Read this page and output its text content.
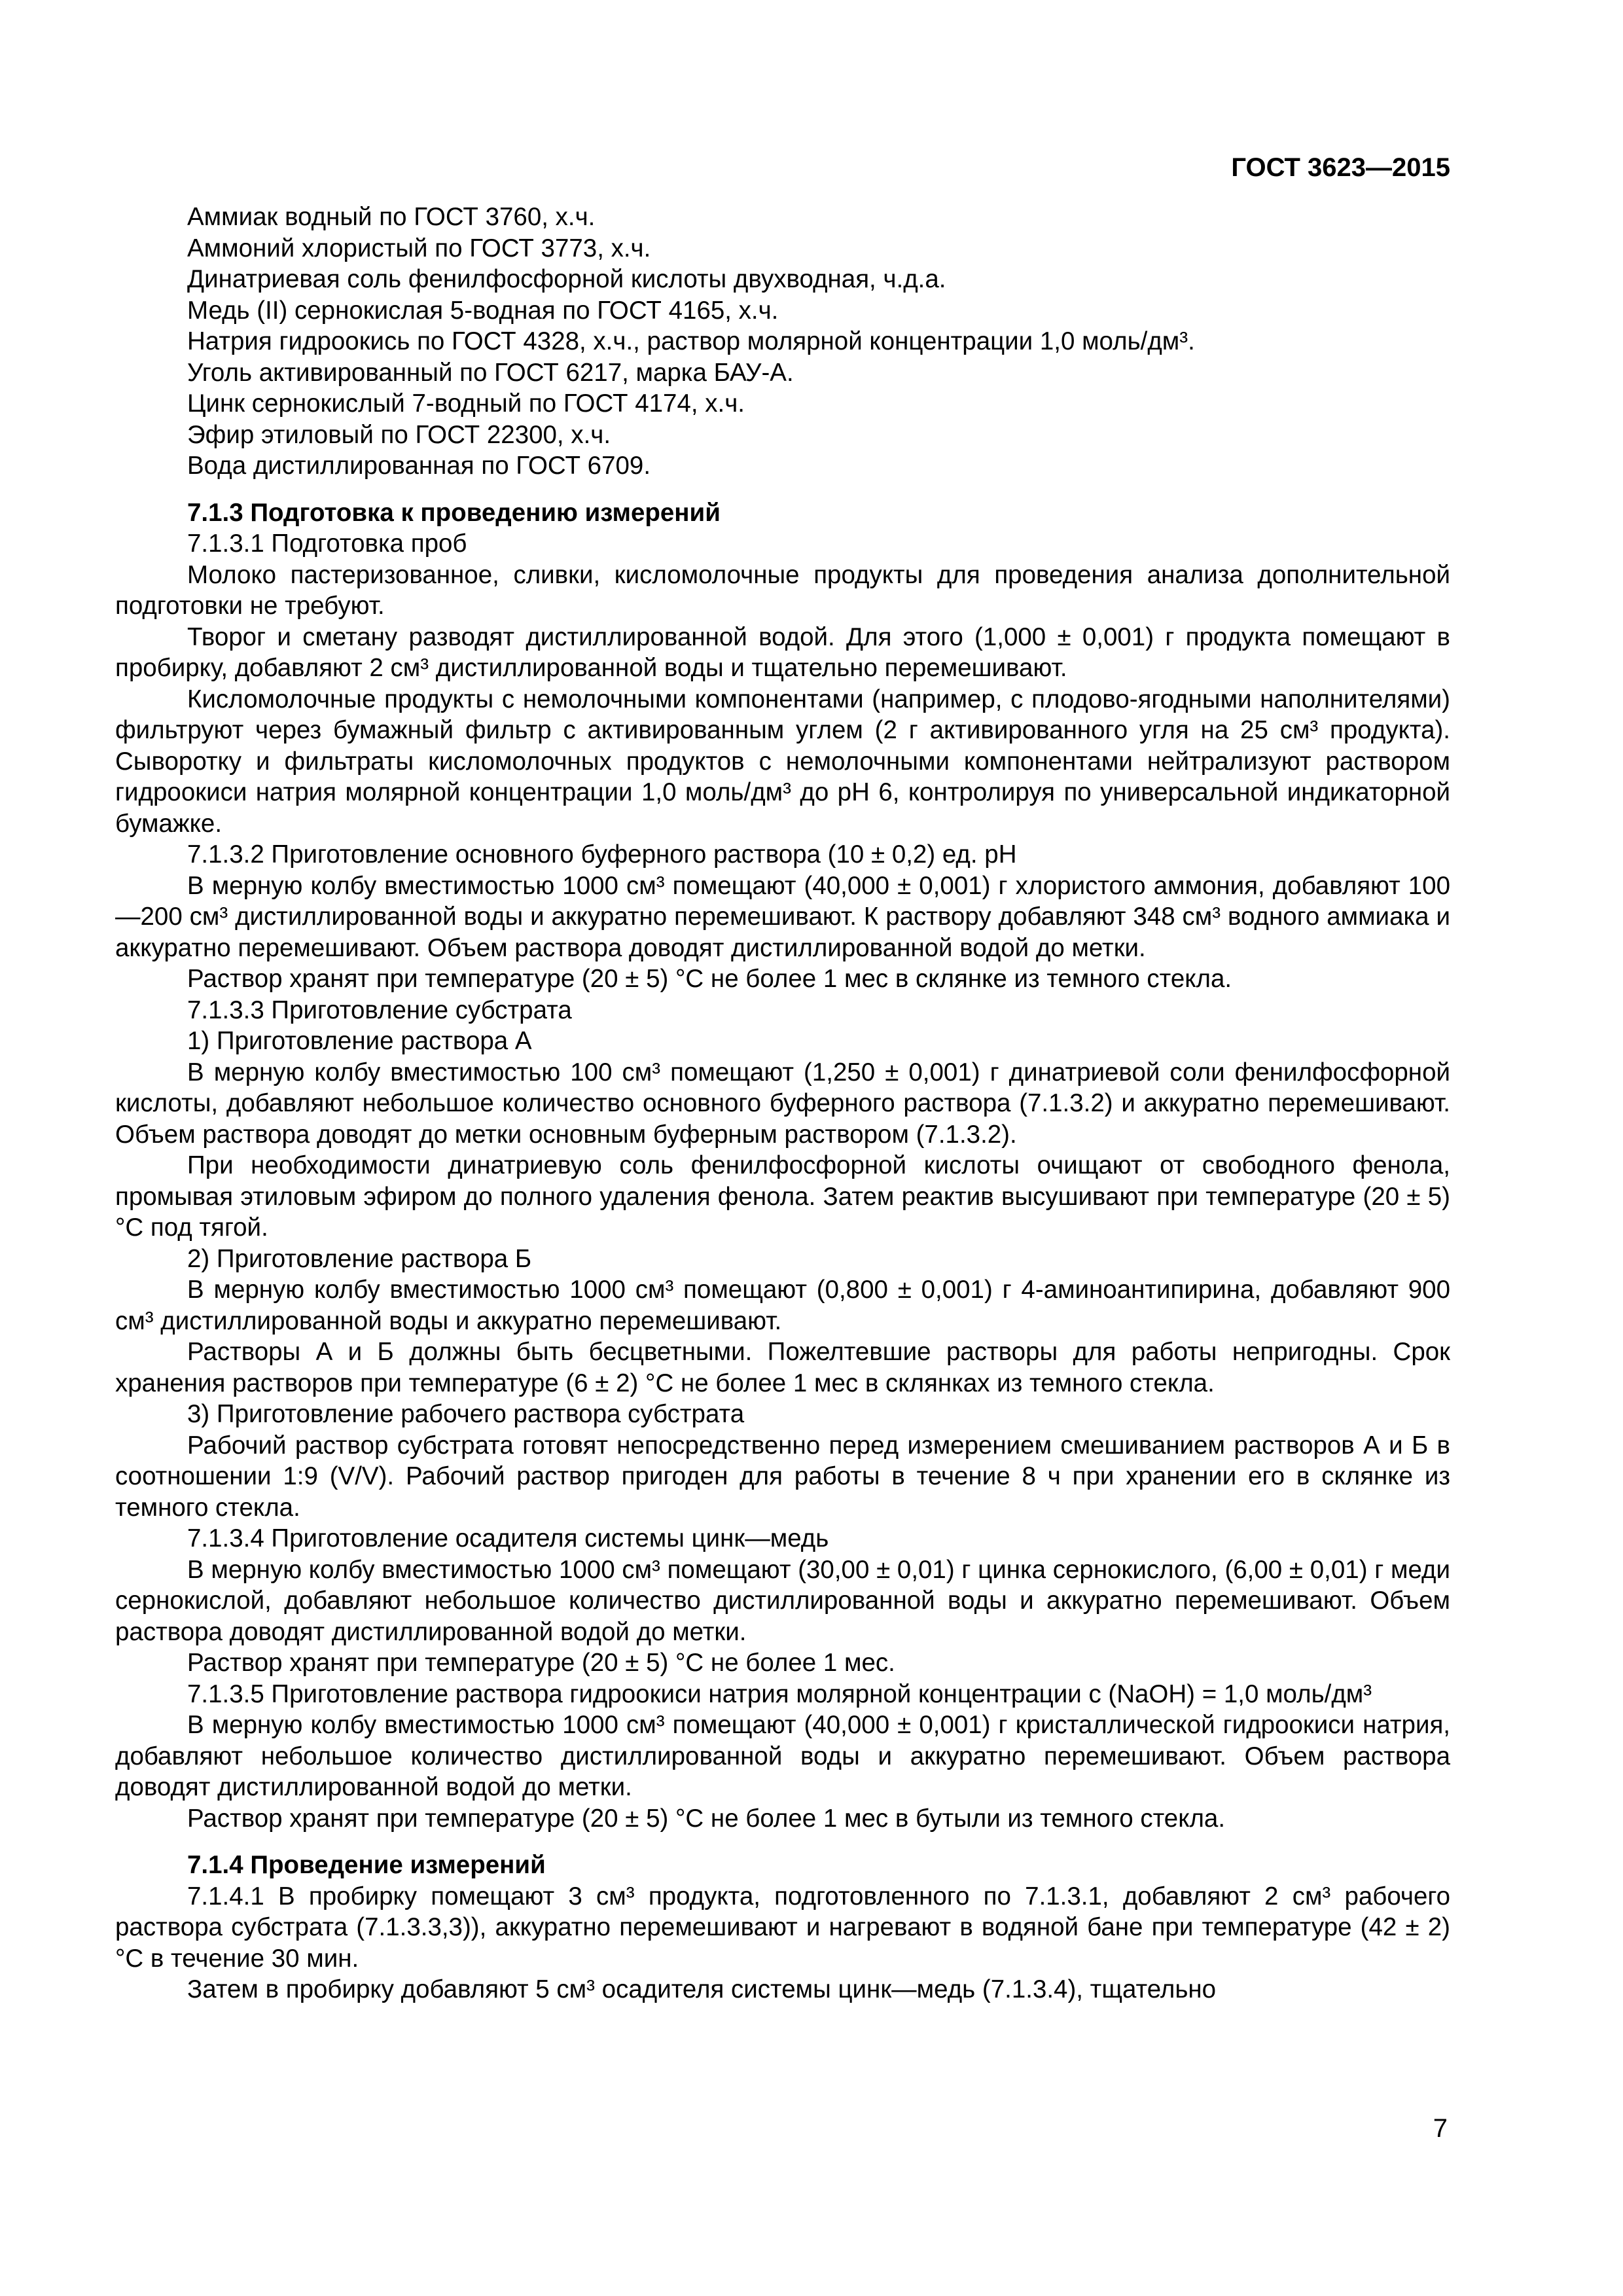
ГОСТ 3623—2015
Аммиак водный по ГОСТ 3760, х.ч.
Аммоний хлористый по ГОСТ 3773, х.ч.
Динатриевая соль фенилфосфорной кислоты двухводная, ч.д.а.
Медь (II) сернокислая 5-водная по ГОСТ 4165, х.ч.
Натрия гидроокись по ГОСТ 4328, х.ч., раствор молярной концентрации 1,0 моль/дм³.
Уголь активированный по ГОСТ 6217, марка БАУ-А.
Цинк сернокислый 7-водный по ГОСТ 4174, х.ч.
Эфир этиловый по ГОСТ 22300, х.ч.
Вода дистиллированная по ГОСТ 6709.

7.1.3 Подготовка к проведению измерений

7.1.3.1 Подготовка проб

Молоко пастеризованное, сливки, кисломолочные продукты для проведения анализа дополнительной подготовки не требуют.

Творог и сметану разводят дистиллированной водой. Для этого (1,000 ± 0,001) г продукта помещают в пробирку, добавляют 2 см³ дистиллированной воды и тщательно перемешивают.

Кисломолочные продукты с немолочными компонентами (например, с плодово-ягодными наполнителями) фильтруют через бумажный фильтр с активированным углем (2 г активированного угля на 25 см³ продукта). Сыворотку и фильтраты кисломолочных продуктов с немолочными компонентами нейтрализуют раствором гидроокиси натрия молярной концентрации 1,0 моль/дм³ до pH 6, контролируя по универсальной индикаторной бумажке.

7.1.3.2 Приготовление основного буферного раствора (10 ± 0,2) ед. pH

В мерную колбу вместимостью 1000 см³ помещают (40,000 ± 0,001) г хлористого аммония, добавляют 100—200 см³ дистиллированной воды и аккуратно перемешивают. К раствору добавляют 348 см³ водного аммиака и аккуратно перемешивают. Объем раствора доводят дистиллированной водой до метки.

Раствор хранят при температуре (20 ± 5) °С не более 1 мес в склянке из темного стекла.

7.1.3.3 Приготовление субстрата

1) Приготовление раствора А

В мерную колбу вместимостью 100 см³ помещают (1,250 ± 0,001) г динатриевой соли фенилфосфорной кислоты, добавляют небольшое количество основного буферного раствора (7.1.3.2) и аккуратно перемешивают. Объем раствора доводят до метки основным буферным раствором (7.1.3.2).

При необходимости динатриевую соль фенилфосфорной кислоты очищают от свободного фенола, промывая этиловым эфиром до полного удаления фенола. Затем реактив высушивают при температуре (20 ± 5) °С под тягой.

2) Приготовление раствора Б

В мерную колбу вместимостью 1000 см³ помещают (0,800 ± 0,001) г 4-аминоантипирина, добавляют 900 см³ дистиллированной воды и аккуратно перемешивают.

Растворы А и Б должны быть бесцветными. Пожелтевшие растворы для работы непригодны. Срок хранения растворов при температуре (6 ± 2) °С не более 1 мес в склянках из темного стекла.

3) Приготовление рабочего раствора субстрата

Рабочий раствор субстрата готовят непосредственно перед измерением смешиванием растворов А и Б в соотношении 1:9 (V/V). Рабочий раствор пригоден для работы в течение 8 ч при хранении его в склянке из темного стекла.

7.1.3.4 Приготовление осадителя системы цинк—медь

В мерную колбу вместимостью 1000 см³ помещают (30,00 ± 0,01) г цинка сернокислого, (6,00 ± 0,01) г меди сернокислой, добавляют небольшое количество дистиллированной воды и аккуратно перемешивают. Объем раствора доводят дистиллированной водой до метки.

Раствор хранят при температуре (20 ± 5) °С не более 1 мес.

7.1.3.5 Приготовление раствора гидроокиси натрия молярной концентрации c (NaOH) = 1,0 моль/дм³

В мерную колбу вместимостью 1000 см³ помещают (40,000 ± 0,001) г кристаллической гидроокиси натрия, добавляют небольшое количество дистиллированной воды и аккуратно перемешивают. Объем раствора доводят дистиллированной водой до метки.

Раствор хранят при температуре (20 ± 5) °С не более 1 мес в бутыли из темного стекла.

7.1.4 Проведение измерений

7.1.4.1 В пробирку помещают 3 см³ продукта, подготовленного по 7.1.3.1, добавляют 2 см³ рабочего раствора субстрата (7.1.3.3,3)), аккуратно перемешивают и нагревают в водяной бане при температуре (42 ± 2) °С в течение 30 мин.

Затем в пробирку добавляют 5 см³ осадителя системы цинк—медь (7.1.3.4), тщательно

7
